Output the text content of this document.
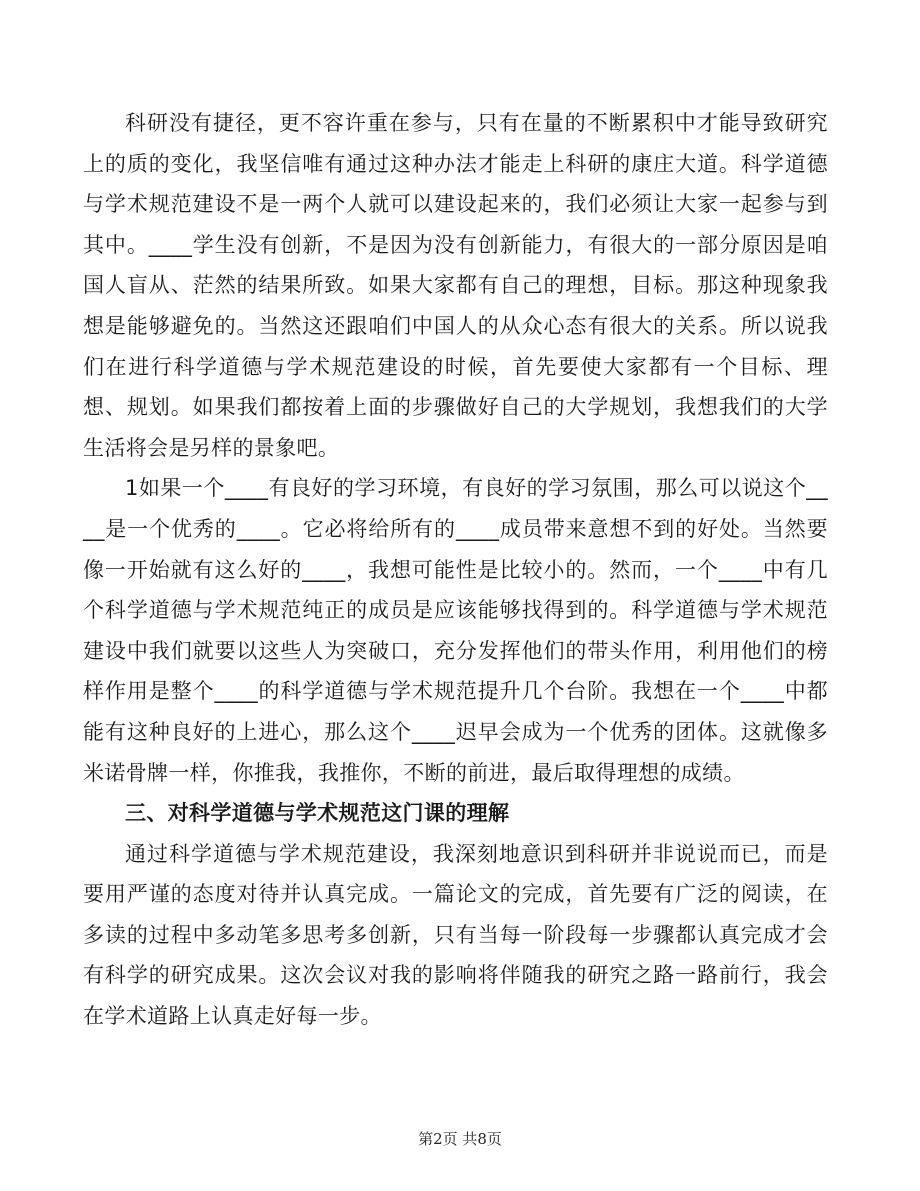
科研没有捷径，更不容许重在参与，只有在量的不断累积中才能导致研究上的质的变化，我坚信唯有通过这种办法才能走上科研的康庄大道。科学道德与学术规范建设不是一两个人就可以建设起来的，我们必须让大家一起参与到其中。____学生没有创新，不是因为没有创新能力，有很大的一部分原因是咱国人盲从、茫然的结果所致。如果大家都有自己的理想，目标。那这种现象我想是能够避免的。当然这还跟咱们中国人的从众心态有很大的关系。所以说我们在进行科学道德与学术规范建设的时候，首先要使大家都有一个目标、理想、规划。如果我们都按着上面的步骤做好自己的大学规划，我想我们的大学生活将会是另样的景象吧。

1如果一个____有良好的学习环境，有良好的学习氛围，那么可以说这个____是一个优秀的____。它必将给所有的____成员带来意想不到的好处。当然要像一开始就有这么好的____，我想可能性是比较小的。然而，一个____中有几个科学道德与学术规范纯正的成员是应该能够找得到的。科学道德与学术规范建设中我们就要以这些人为突破口，充分发挥他们的带头作用，利用他们的榜样作用是整个____的科学道德与学术规范提升几个台阶。我想在一个____中都能有这种良好的上进心，那么这个____迟早会成为一个优秀的团体。这就像多米诺骨牌一样，你推我，我推你，不断的前进，最后取得理想的成绩。

三、对科学道德与学术规范这门课的理解

通过科学道德与学术规范建设，我深刻地意识到科研并非说说而已，而是要用严谨的态度对待并认真完成。一篇论文的完成，首先要有广泛的阅读，在多读的过程中多动笔多思考多创新，只有当每一阶段每一步骤都认真完成才会有科学的研究成果。这次会议对我的影响将伴随我的研究之路一路前行，我会在学术道路上认真走好每一步。

第2页 共8页
